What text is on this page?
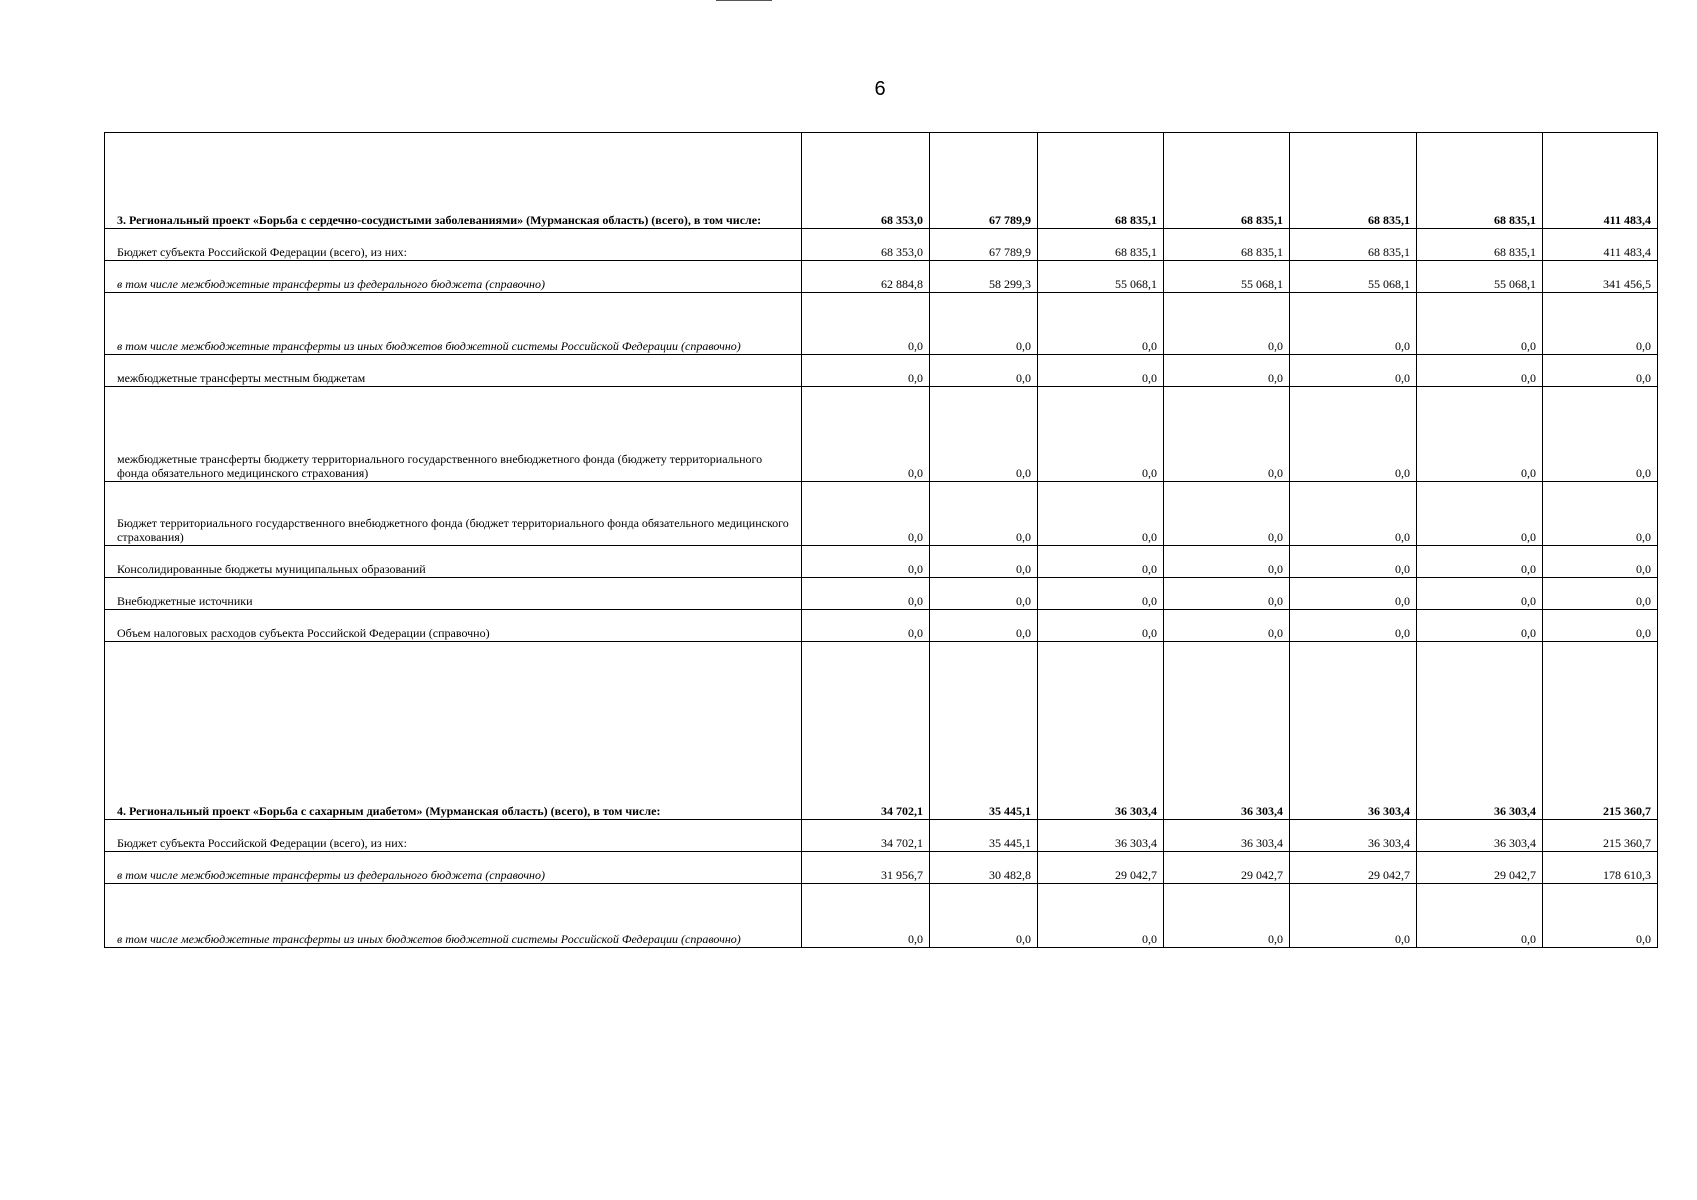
6
3. Региональный проект «Борьба с сердечно-сосудистыми заболеваниями» (Мурманская область) (всего), в том числе:	68 353,0	67 789,9	68 835,1	68 835,1	68 835,1	68 835,1	411 483,4
Бюджет субъекта Российской Федерации (всего), из них:	68 353,0	67 789,9	68 835,1	68 835,1	68 835,1	68 835,1	411 483,4
в том числе межбюджетные трансферты из федерального бюджета (справочно)	62 884,8	58 299,3	55 068,1	55 068,1	55 068,1	55 068,1	341 456,5
в том числе межбюджетные трансферты из иных бюджетов бюджетной системы Российской Федерации (справочно)	0,0	0,0	0,0	0,0	0,0	0,0	0,0
межбюджетные трансферты местным бюджетам	0,0	0,0	0,0	0,0	0,0	0,0	0,0
межбюджетные трансферты бюджету территориального государственного внебюджетного фонда (бюджету территориального фонда обязательного медицинского страхования)	0,0	0,0	0,0	0,0	0,0	0,0	0,0
Бюджет территориального государственного внебюджетного фонда (бюджет территориального фонда обязательного медицинского страхования)	0,0	0,0	0,0	0,0	0,0	0,0	0,0
Консолидированные бюджеты муниципальных образований	0,0	0,0	0,0	0,0	0,0	0,0	0,0
Внебюджетные источники	0,0	0,0	0,0	0,0	0,0	0,0	0,0
Объем налоговых расходов субъекта Российской Федерации (справочно)	0,0	0,0	0,0	0,0	0,0	0,0	0,0
4. Региональный проект «Борьба с сахарным диабетом» (Мурманская область) (всего), в том числе:	34 702,1	35 445,1	36 303,4	36 303,4	36 303,4	36 303,4	215 360,7
Бюджет субъекта Российской Федерации (всего), из них:	34 702,1	35 445,1	36 303,4	36 303,4	36 303,4	36 303,4	215 360,7
в том числе межбюджетные трансферты из федерального бюджета (справочно)	31 956,7	30 482,8	29 042,7	29 042,7	29 042,7	29 042,7	178 610,3
в том числе межбюджетные трансферты из иных бюджетов бюджетной системы Российской Федерации (справочно)	0,0	0,0	0,0	0,0	0,0	0,0	0,0
